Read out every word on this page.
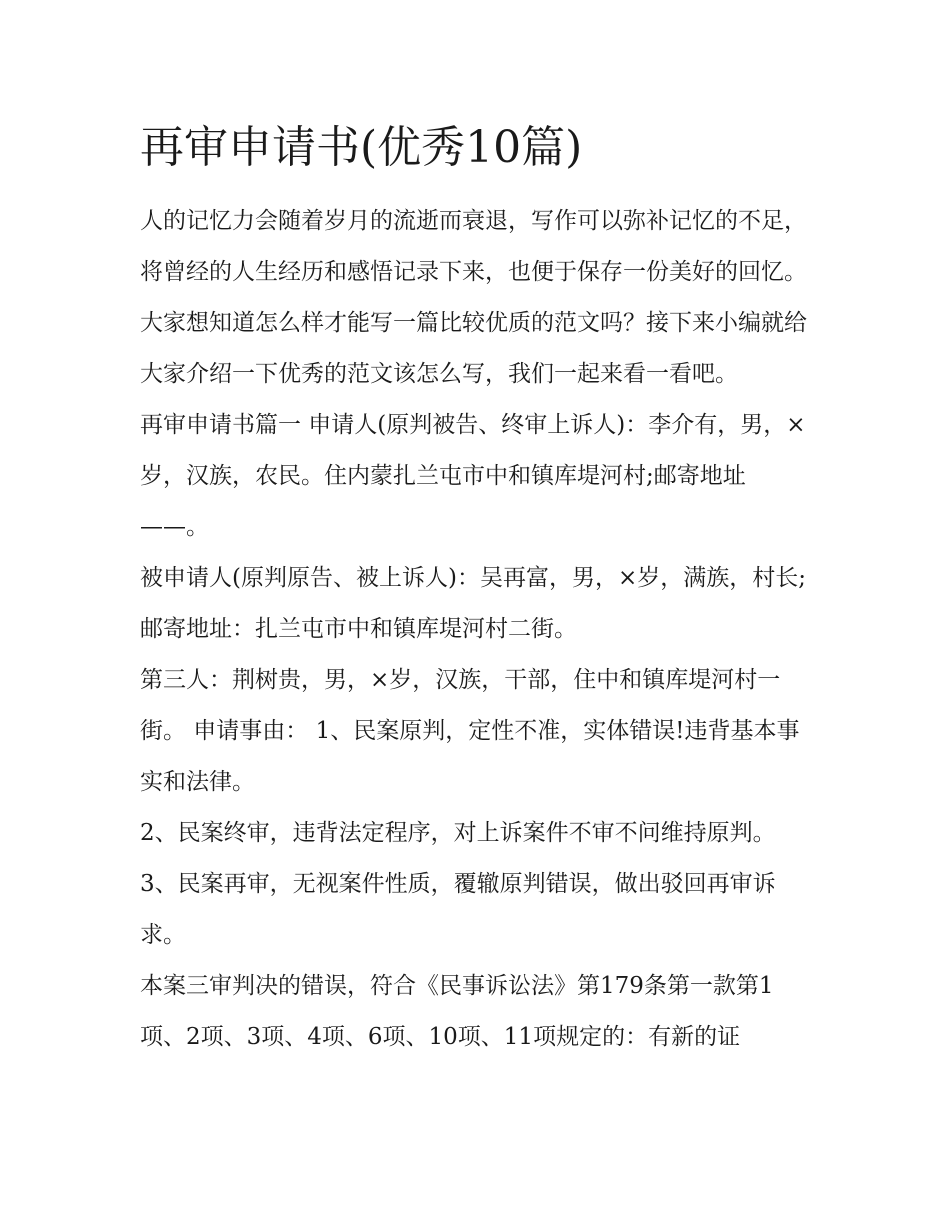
再审申请书(优秀10篇)

人的记忆力会随着岁月的流逝而衰退，写作可以弥补记忆的不足，将曾经的人生经历和感悟记录下来，也便于保存一份美好的回忆。大家想知道怎么样才能写一篇比较优质的范文吗？接下来小编就给大家介绍一下优秀的范文该怎么写，我们一起来看一看吧。

再审申请书篇一 申请人(原判被告、终审上诉人)：李介有，男，×岁，汉族，农民。住内蒙扎兰屯市中和镇库堤河村;邮寄地址——。

被申请人(原判原告、被上诉人)：吴再富，男，×岁，满族，村长;邮寄地址：扎兰屯市中和镇库堤河村二街。

第三人：荆树贵，男，×岁，汉族，干部，住中和镇库堤河村一街。 申请事由： 1、民案原判，定性不准，实体错误!违背基本事实和法律。

2、民案终审，违背法定程序，对上诉案件不审不问维持原判。 3、民案再审，无视案件性质，覆辙原判错误，做出驳回再审诉求。

本案三审判决的错误，符合《民事诉讼法》第179条第一款第1项、2项、3项、4项、6项、10项、11项规定的：有新的证
